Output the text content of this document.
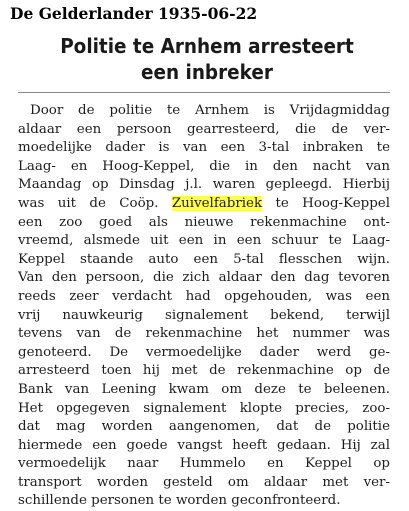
De Gelderlander 1935-06-22
Politie te Arnhem arresteert
een inbreker
Door de politie te Arnhem is Vrijdagmiddag
aldaar een persoon gearresteerd, die de ver-
moedelijke dader is van een 3-tal inbraken te
Laag- en Hoog-Keppel, die in den nacht van
Maandag op Dinsdag j.l. waren gepleegd. Hierbij
was uit de Coöp. Zuivelfabriek te Hoog-Keppel
een zoo goed als nieuwe rekenmachine ont-
vreemd, alsmede uit een in een schuur te Laag-
Keppel staande auto een 5-tal flesschen wijn.
Van den persoon, die zich aldaar den dag tevoren
reeds zeer verdacht had opgehouden, was een
vrij nauwkeurig signalement bekend, terwijl
tevens van de rekenmachine het nummer was
genoteerd. De vermoedelijke dader werd ge-
arresteerd toen hij met de rekenmachine op de
Bank van Leening kwam om deze te beleenen.
Het opgegeven signalement klopte precies, zoo-
dat mag worden aangenomen, dat de politie
hiermede een goede vangst heeft gedaan. Hij zal
vermoedelijk naar Hummelo en Keppel op
transport worden gesteld om aldaar met ver-
schillende personen te worden geconfronteerd.
